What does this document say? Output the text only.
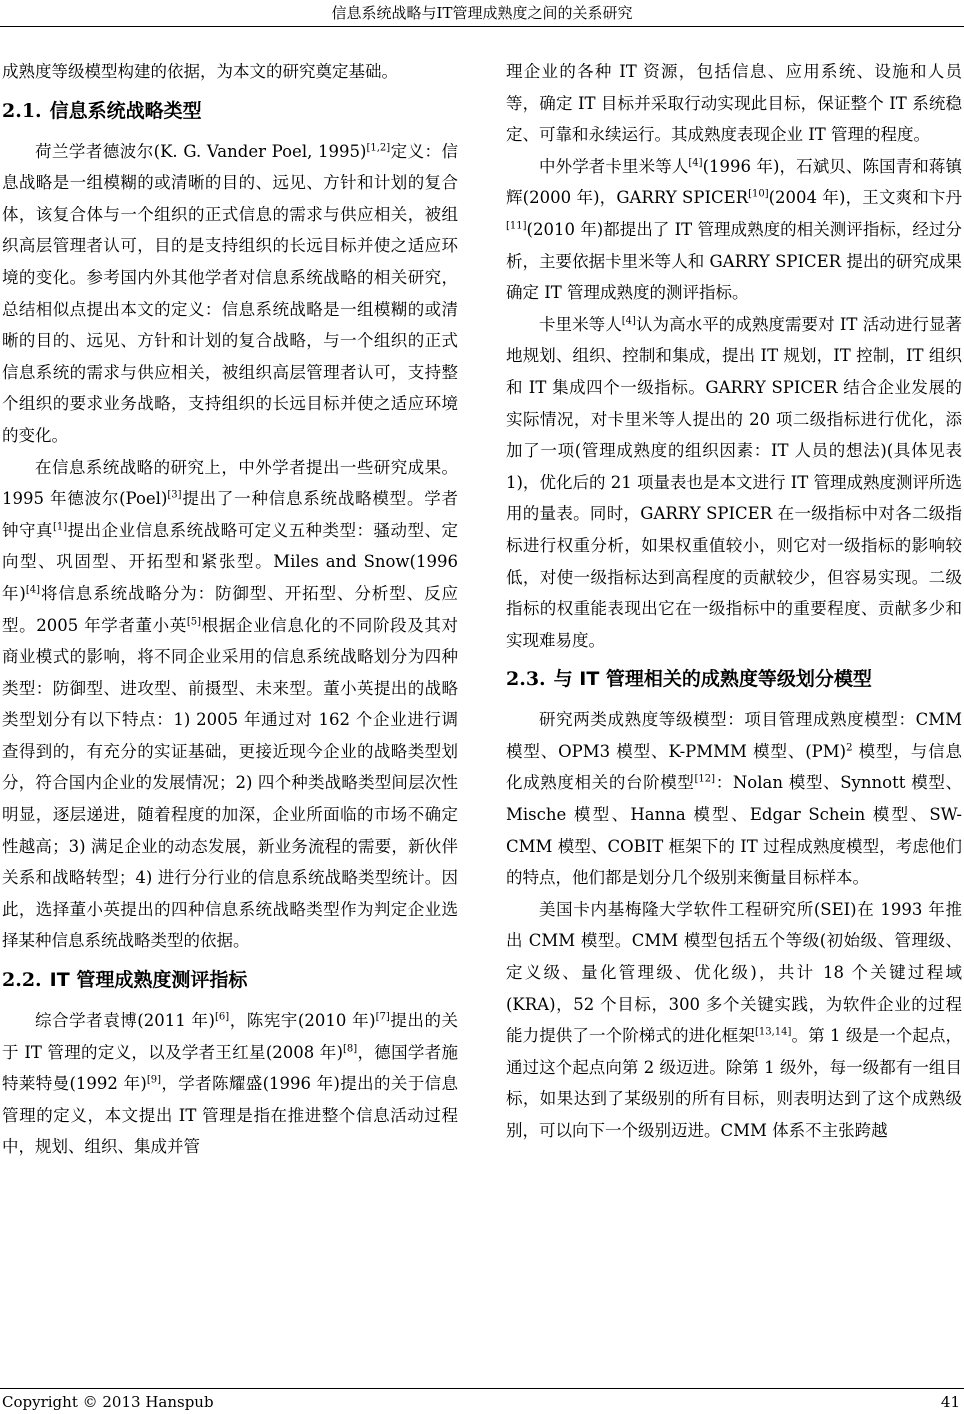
信息系统战略与IT管理成熟度之间的关系研究

成熟度等级模型构建的依据，为本文的研究奠定基础。

2.1. 信息系统战略类型

荷兰学者德波尔(K. G. Vander Poel, 1995)[1,2]定义：信息战略是一组模糊的或清晰的目的、远见、方针和计划的复合体，该复合体与一个组织的正式信息的需求与供应相关，被组织高层管理者认可，目的是支持组织的长远目标并使之适应环境的变化。参考国内外其他学者对信息系统战略的相关研究，总结相似点提出本文的定义：信息系统战略是一组模糊的或清晰的目的、远见、方针和计划的复合战略，与一个组织的正式信息系统的需求与供应相关，被组织高层管理者认可，支持整个组织的要求业务战略，支持组织的长远目标并使之适应环境的变化。

在信息系统战略的研究上，中外学者提出一些研究成果。1995 年德波尔(Poel)[3]提出了一种信息系统战略模型。学者钟守真[1]提出企业信息系统战略可定义五种类型：骚动型、定向型、巩固型、开拓型和紧张型。Miles and Snow(1996 年)[4]将信息系统战略分为：防御型、开拓型、分析型、反应型。2005 年学者董小英[5]根据企业信息化的不同阶段及其对商业模式的影响，将不同企业采用的信息系统战略划分为四种类型：防御型、进攻型、前摄型、未来型。董小英提出的战略类型划分有以下特点：1) 2005 年通过对 162 个企业进行调查得到的，有充分的实证基础，更接近现今企业的战略类型划分，符合国内企业的发展情况；2) 四个种类战略类型间层次性明显，逐层递进，随着程度的加深，企业所面临的市场不确定性越高；3) 满足企业的动态发展，新业务流程的需要，新伙伴关系和战略转型；4) 进行分行业的信息系统战略类型统计。因此，选择董小英提出的四种信息系统战略类型作为判定企业选择某种信息系统战略类型的依据。

2.2. IT 管理成熟度测评指标

综合学者袁博(2011 年)[6]，陈宪宇(2010 年)[7]提出的关于 IT 管理的定义，以及学者王红星(2008 年)[8]，德国学者施特莱特曼(1992 年)[9]，学者陈耀盛(1996 年)提出的关于信息管理的定义，本文提出 IT 管理是指在推进整个信息活动过程中，规划、组织、集成并管

理企业的各种 IT 资源，包括信息、应用系统、设施和人员等，确定 IT 目标并采取行动实现此目标，保证整个 IT 系统稳定、可靠和永续运行。其成熟度表现企业 IT 管理的程度。

中外学者卡里米等人[4](1996 年)，石斌贝、陈国青和蒋镇辉(2000 年)，GARRY SPICER[10](2004 年)，王文爽和卞丹[11](2010 年)都提出了 IT 管理成熟度的相关测评指标，经过分析，主要依据卡里米等人和 GARRY SPICER 提出的研究成果确定 IT 管理成熟度的测评指标。

卡里米等人[4]认为高水平的成熟度需要对 IT 活动进行显著地规划、组织、控制和集成，提出 IT 规划，IT 控制，IT 组织和 IT 集成四个一级指标。GARRY SPICER 结合企业发展的实际情况，对卡里米等人提出的 20 项二级指标进行优化，添加了一项(管理成熟度的组织因素：IT 人员的想法)(具体见表 1)，优化后的 21 项量表也是本文进行 IT 管理成熟度测评所选用的量表。同时，GARRY SPICER 在一级指标中对各二级指标进行权重分析，如果权重值较小，则它对一级指标的影响较低，对使一级指标达到高程度的贡献较少，但容易实现。二级指标的权重能表现出它在一级指标中的重要程度、贡献多少和实现难易度。

2.3. 与 IT 管理相关的成熟度等级划分模型

研究两类成熟度等级模型：项目管理成熟度模型：CMM 模型、OPM3 模型、K-PMMM 模型、(PM)$^2$ 模型，与信息化成熟度相关的台阶模型[12]：Nolan 模型、Synnott 模型、Mische 模型、Hanna 模型、Edgar Schein 模型、SW-CMM 模型、COBIT 框架下的 IT 过程成熟度模型，考虑他们的特点，他们都是划分几个级别来衡量目标样本。

美国卡内基梅隆大学软件工程研究所(SEI)在 1993 年推出 CMM 模型。CMM 模型包括五个等级(初始级、管理级、定义级、量化管理级、优化级)，共计 18 个关键过程域(KRA)，52 个目标，300 多个关键实践，为软件企业的过程能力提供了一个阶梯式的进化框架[13,14]。第 1 级是一个起点，通过这个起点向第 2 级迈进。除第 1 级外，每一级都有一组目标，如果达到了某级别的所有目标，则表明达到了这个成熟级别，可以向下一个级别迈进。CMM 体系不主张跨越

Copyright © 2013 Hanspub	41
